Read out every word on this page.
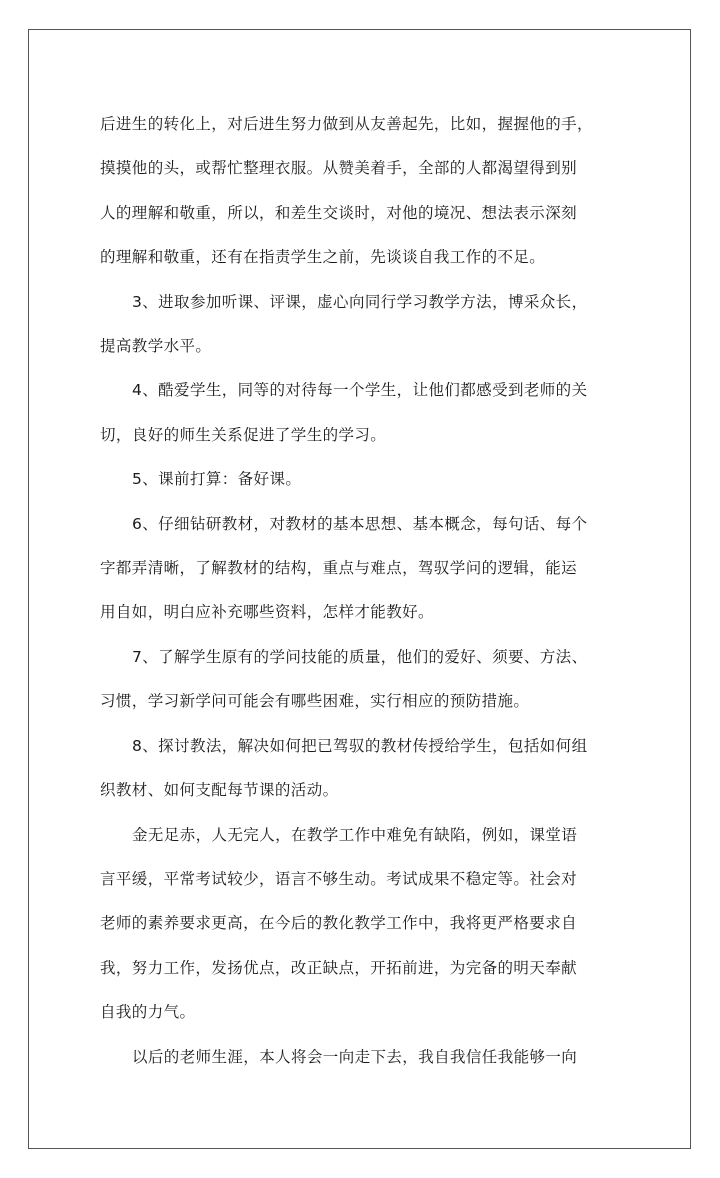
后进生的转化上，对后进生努力做到从友善起先，比如，握握他的手，
摸摸他的头，或帮忙整理衣服。从赞美着手，全部的人都渴望得到别
人的理解和敬重，所以，和差生交谈时，对他的境况、想法表示深刻
的理解和敬重，还有在指责学生之前，先谈谈自我工作的不足。
3、进取参加听课、评课，虚心向同行学习教学方法，博采众长，
提高教学水平。
4、酷爱学生，同等的对待每一个学生，让他们都感受到老师的关
切，良好的师生关系促进了学生的学习。
5、课前打算：备好课。
6、仔细钻研教材，对教材的基本思想、基本概念，每句话、每个
字都弄清晰，了解教材的结构，重点与难点，驾驭学问的逻辑，能运
用自如，明白应补充哪些资料，怎样才能教好。
7、了解学生原有的学问技能的质量，他们的爱好、须要、方法、
习惯，学习新学问可能会有哪些困难，实行相应的预防措施。
8、探讨教法，解决如何把已驾驭的教材传授给学生，包括如何组
织教材、如何支配每节课的活动。
金无足赤，人无完人，在教学工作中难免有缺陷，例如，课堂语
言平缓，平常考试较少，语言不够生动。考试成果不稳定等。社会对
老师的素养要求更高，在今后的教化教学工作中，我将更严格要求自
我，努力工作，发扬优点，改正缺点，开拓前进，为完备的明天奉献
自我的力气。
以后的老师生涯，本人将会一向走下去，我自我信任我能够一向
